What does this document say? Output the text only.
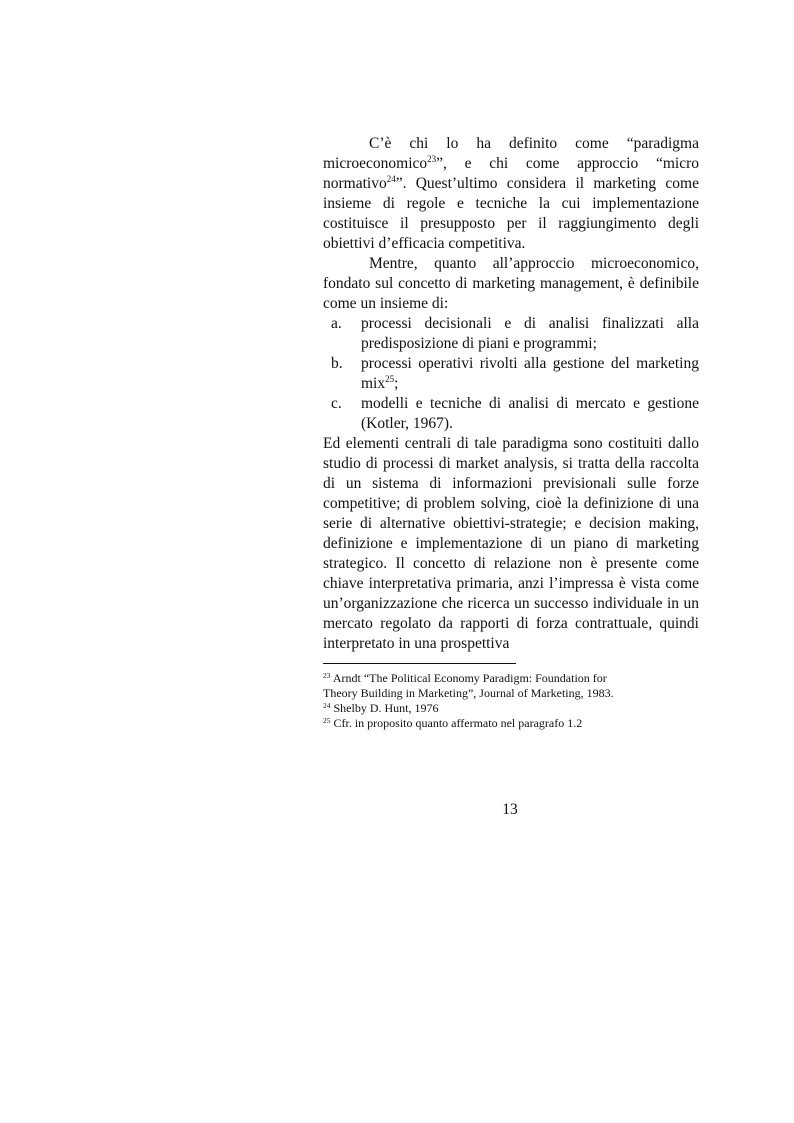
C’è chi lo ha definito come “paradigma microeconomico$^{23}$”, e chi come approccio “micro normativo$^{24}$”. Quest’ultimo considera il marketing come insieme di regole e tecniche la cui implementazione costituisce il presupposto per il raggiungimento degli obiettivi d’efficacia competitiva.

Mentre, quanto all’approccio microeconomico, fondato sul concetto di marketing management, è definibile come un insieme di:

a. processi decisionali e di analisi finalizzati alla predisposizione di piani e programmi;
b. processi operativi rivolti alla gestione del marketing mix$^{25}$;
c. modelli e tecniche di analisi di mercato e gestione (Kotler, 1967).

Ed elementi centrali di tale paradigma sono costituiti dallo studio di processi di market analysis, si tratta della raccolta di un sistema di informazioni previsionali sulle forze competitive; di problem solving, cioè la definizione di una serie di alternative obiettivi-strategie; e decision making, definizione e implementazione di un piano di marketing strategico. Il concetto di relazione non è presente come chiave interpretativa primaria, anzi l’impressa è vista come un’organizzazione che ricerca un successo individuale in un mercato regolato da rapporti di forza contrattuale, quindi interpretato in una prospettiva

$^{23}$ Arndt “The Political Economy Paradigm: Foundation for

Theory Building in Marketing”, Journal of Marketing, 1983.

$^{24}$ Shelby D. Hunt, 1976

$^{25}$ Cfr. in proposito quanto affermato nel paragrafo 1.2

13
